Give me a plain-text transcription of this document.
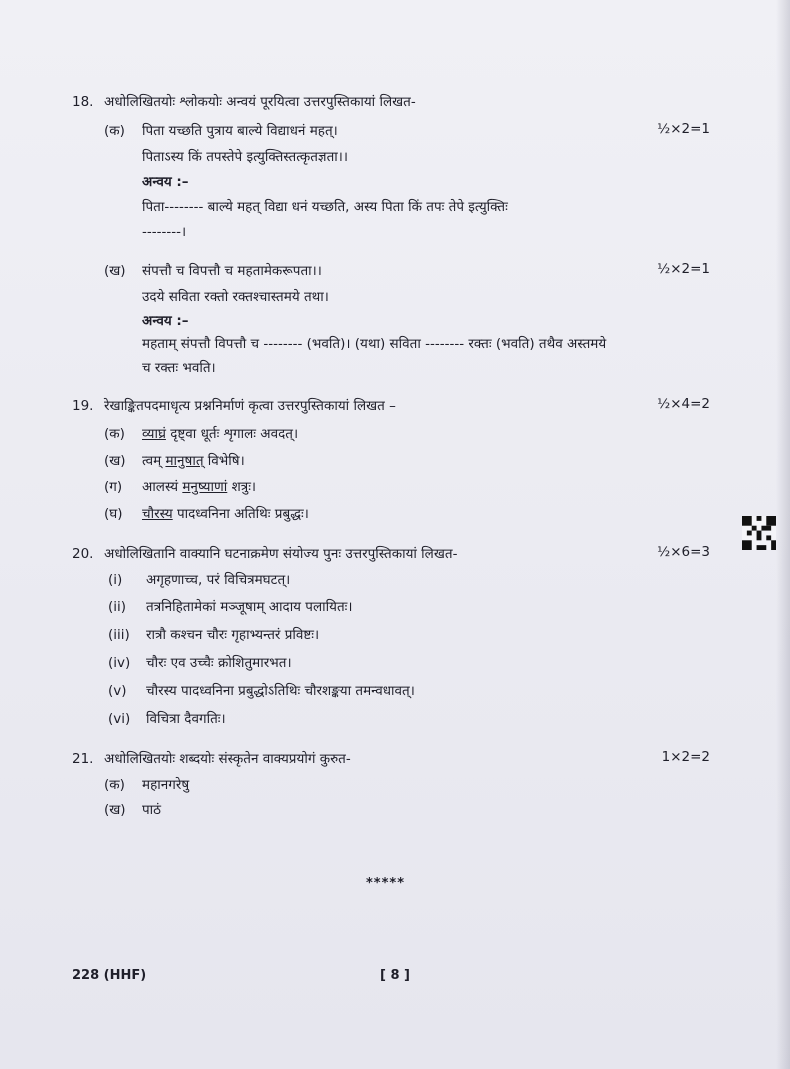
18. अधोलिखितयोः श्लोकयोः अन्वयं पूरयित्वा उत्तरपुस्तिकायां लिखत-
(क) पिता यच्छति पुत्राय बाल्ये विद्याधनं महत्।	½×2=1
पिताऽस्य किं तपस्तेपे इत्युक्तिस्तत्कृतज्ञता।।
अन्वय :–
पिता-------- बाल्ये महत् विद्या धनं यच्छति, अस्य पिता किं तपः तेपे इत्युक्तिः
--------।
(ख) संपत्तौ च विपत्तौ च महतामेकरूपता।।	½×2=1
उदये सविता रक्तो रक्तश्चास्तमये तथा।
अन्वय :–
महताम् संपत्तौ विपत्तौ च -------- (भवति)। (यथा) सविता -------- रक्तः (भवति) तथैव अस्तमये
च रक्तः भवति।
19. रेखाङ्कितपदमाधृत्य प्रश्ननिर्माणं कृत्वा उत्तरपुस्तिकायां लिखत –	½×4=2
(क) व्याघ्रं दृष्ट्वा धूर्तः शृगालः अवदत्।
(ख) त्वम् मानुषात् विभेषि।
(ग) आलस्यं मनुष्याणां शत्रुः।
(घ) चौरस्य पादध्वनिना अतिथिः प्रबुद्धः।
20. अधोलिखितानि वाक्यानि घटनाक्रमेण संयोज्य पुनः उत्तरपुस्तिकायां लिखत-	½×6=3
(i) अगृहणाच्च, परं विचित्रमघटत्।
(ii) तत्रनिहितामेकां मञ्जूषाम् आदाय पलायितः।
(iii) रात्रौ कश्चन चौरः गृहाभ्यन्तरं प्रविष्टः।
(iv) चौरः एव उच्चैः क्रोशितुमारभत।
(v) चौरस्य पादध्वनिना प्रबुद्धोऽतिथिः चौरशङ्कया तमन्वधावत्।
(vi) विचित्रा दैवगतिः।
21. अधोलिखितयोः शब्दयोः संस्कृतेन वाक्यप्रयोगं कुरुत-	1×2=2
(क) महानगरेषु
(ख) पाठं
*****
228 (HHF)	[ 8 ]
